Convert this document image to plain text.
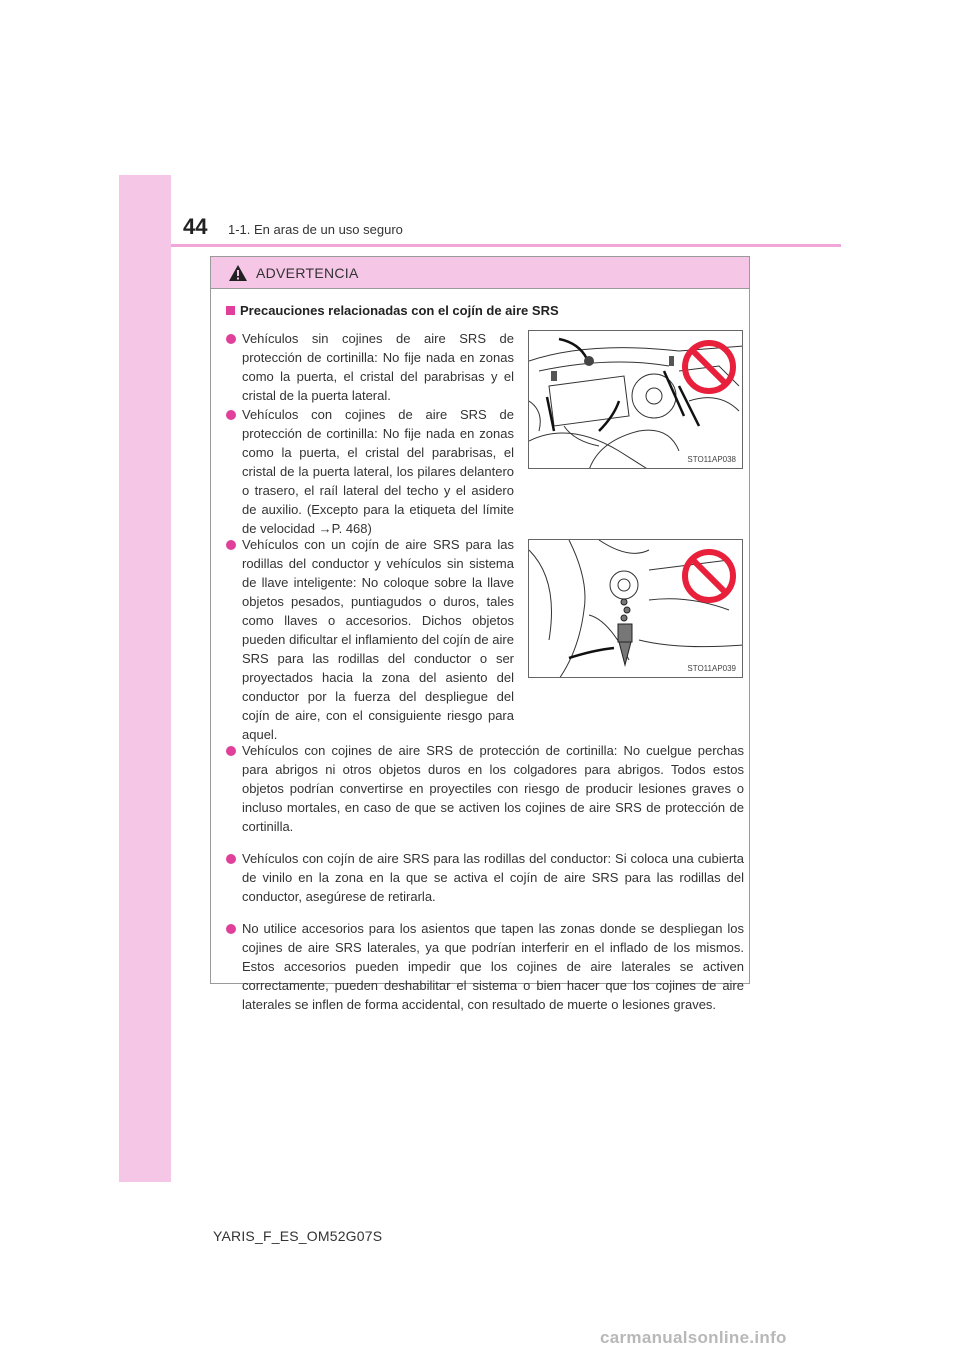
44 1-1. En aras de un uso seguro
ADVERTENCIA
Precauciones relacionadas con el cojín de aire SRS
Vehículos sin cojines de aire SRS de protección de cortinilla: No fije nada en zonas como la puerta, el cristal del parabrisas y el cristal de la puerta lateral.
Vehículos con cojines de aire SRS de protección de cortinilla: No fije nada en zonas como la puerta, el cristal del parabrisas, el cristal de la puerta lateral, los pilares delantero o trasero, el raíl lateral del techo y el asidero de auxilio. (Excepto para la etiqueta del límite de velocidad →P. 468)
Vehículos con un cojín de aire SRS para las rodillas del conductor y vehículos sin sistema de llave inteligente: No coloque sobre la llave objetos pesados, puntiagudos o duros, tales como llaves o accesorios. Dichos objetos pueden dificultar el inflamiento del cojín de aire SRS para las rodillas del conductor o ser proyectados hacia la zona del asiento del conductor por la fuerza del despliegue del cojín de aire, con el consiguiente riesgo para aquel.
Vehículos con cojines de aire SRS de protección de cortinilla: No cuelgue perchas para abrigos ni otros objetos duros en los colgadores para abrigos. Todos estos objetos podrían convertirse en proyectiles con riesgo de producir lesiones graves o incluso mortales, en caso de que se activen los cojines de aire SRS de protección de cortinilla.
Vehículos con cojín de aire SRS para las rodillas del conductor: Si coloca una cubierta de vinilo en la zona en la que se activa el cojín de aire SRS para las rodillas del conductor, asegúrese de retirarla.
No utilice accesorios para los asientos que tapen las zonas donde se despliegan los cojines de aire SRS laterales, ya que podrían interferir en el inflado de los mismos. Estos accesorios pueden impedir que los cojines de aire laterales se activen correctamente, pueden deshabilitar el sistema o bien hacer que los cojines de aire laterales se inflen de forma accidental, con resultado de muerte o lesiones graves.
STO11AP038
STO11AP039
YARIS_F_ES_OM52G07S
carmanualsonline.info
